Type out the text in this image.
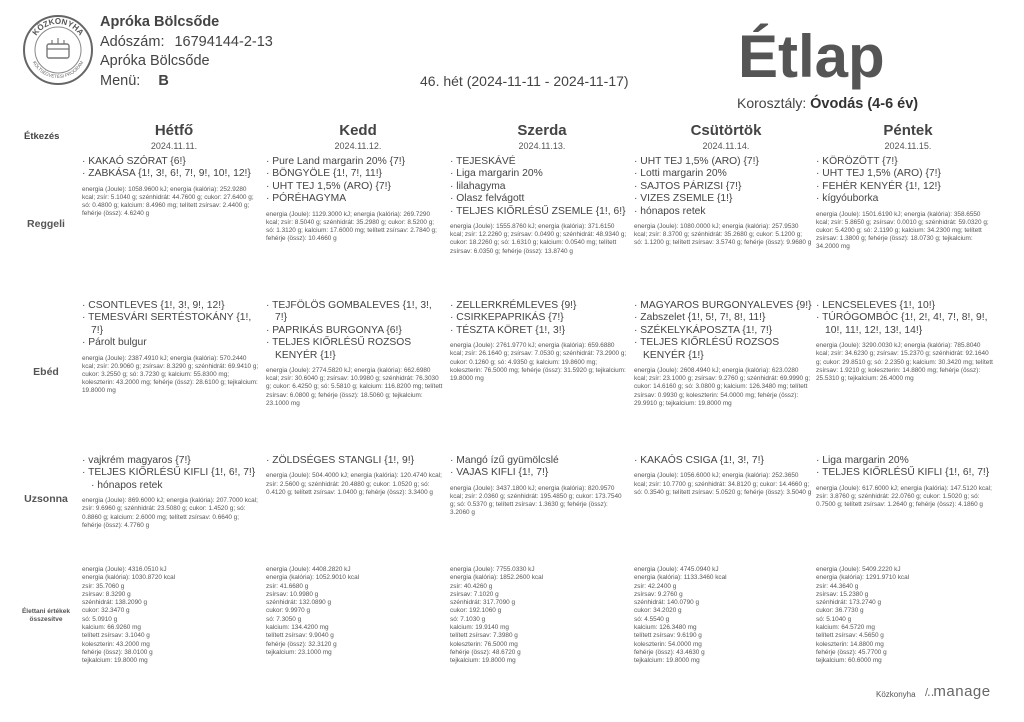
KÖZKONYHA
KÖLTSÉGVETÉSI PROGRAM
Apróka Bölcsőde
Adószám: 16794144-2-13
Apróka Bölcsőde
Menü: B	Étlap
46. hét (2024-11-11 - 2024-11-17)
Korosztály: Óvodás (4-6 év)
Étkezés	Hétfő
2024.11.11.
Kedd
2024.11.12.
Szerda
2024.11.13.
Csütörtök
2024.11.14.
Péntek
2024.11.15.
Reggeli
Ebéd
Uzsonna
Élettani értékek összesítve
· KAKAÓ SZÓRAT {6!}
· ZABKÁSA {1!, 3!, 6!, 7!, 9!, 10!, 12!}
energia (Joule): 1058.9600 kJ; energia (kalória): 252.9280 kcal; zsír: 5.1040 g; szénhidrát: 44.7600 g; cukor: 27.6400 g; só: 0.4800 g; kalcium: 8.4960 mg; telített zsírsav: 2.4400 g; fehérje (össz): 4.6240 g
· Pure Land margarin 20% {7!}
· BÖNGYÖLE {1!, 7!, 11!}
· UHT TEJ 1,5% (ARO) {7!}
· PÓRÉHAGYMA
energia (Joule): 1129.3000 kJ; energia (kalória): 269.7290 kcal; zsír: 8.5040 g; szénhidrát: 35.2980 g; cukor: 8.5200 g; só: 1.3120 g; kalcium: 17.6000 mg; telített zsírsav: 2.7840 g; fehérje (össz): 10.4660 g
· TEJESKÁVÉ
· Liga margarin 20%
· lilahagyma
· Olasz felvágott
· TELJES KIŐRLÉSŰ ZSEMLE {1!, 6!}
energia (Joule): 1555.8760 kJ; energia (kalória): 371.6150 kcal; zsír: 12.2260 g; zsírsav: 0.0490 g; szénhidrát: 48.9340 g; cukor: 18.2260 g; só: 1.6310 g; kalcium: 0.0540 mg; telített zsírsav: 6.0350 g; fehérje (össz): 13.8740 g
· UHT TEJ 1,5% (ARO) {7!}
· Lotti margarin 20%
· SAJTOS PÁRIZSI {7!}
· VIZES ZSEMLE {1!}
· hónapos retek
energia (Joule): 1080.0000 kJ; energia (kalória): 257.9530 kcal; zsír: 8.3700 g; szénhidrát: 35.2680 g; cukor: 5.1200 g; só: 1.1200 g; telített zsírsav: 3.5740 g; fehérje (össz): 9.9680 g
· KÖRÖZÖTT {7!}
· UHT TEJ 1,5% (ARO) {7!}
· FEHÉR KENYÉR {1!, 12!}
· kígyóuborka
energia (Joule): 1501.6190 kJ; energia (kalória): 358.6550 kcal; zsír: 5.8650 g; zsírsav: 0.0010 g; szénhidrát: 59.0320 g; cukor: 5.4200 g; só: 2.1190 g; kalcium: 34.2300 mg; telített zsírsav: 1.3800 g; fehérje (össz): 18.0730 g; tejkalcium: 34.2000 mg
· CSONTLEVES {1!, 3!, 9!, 12!}
· TEMESVÁRI SERTÉSTOKÁNY {1!, 7!}
· Párolt bulgur
energia (Joule): 2387.4910 kJ; energia (kalória): 570.2440 kcal; zsír: 20.9060 g; zsírsav: 8.3290 g; szénhidrát: 69.9410 g; cukor: 3.2550 g; só: 3.7230 g; kalcium: 55.8300 mg; koleszterin: 43.2000 mg; fehérje (össz): 28.6100 g; tejkalcium: 19.8000 mg
· TEJFÖLÖS GOMBALEVES {1!, 3!, 7!}
· PAPRIKÁS BURGONYA {6!}
· TELJES KIŐRLÉSŰ ROZSOS KENYÉR {1!}
energia (Joule): 2774.5820 kJ; energia (kalória): 662.6980 kcal; zsír: 30.6040 g; zsírsav: 10.9980 g; szénhidrát: 76.3030 g; cukor: 6.4250 g; só: 5.5810 g; kalcium: 116.8200 mg; telített zsírsav: 6.0800 g; fehérje (össz): 18.5060 g; tejkalcium: 23.1000 mg
· ZELLERKRÉMLEVES {9!}
· CSIRKEPAPRIKÁS {7!}
· TÉSZTA KÖRET {1!, 3!}
energia (Joule): 2761.9770 kJ; energia (kalória): 659.6880 kcal; zsír: 26.1640 g; zsírsav: 7.0530 g; szénhidrát: 73.2900 g; cukor: 0.1260 g; só: 4.9350 g; kalcium: 19.8600 mg; koleszterin: 76.5000 mg; fehérje (össz): 31.5920 g; tejkalcium: 19.8000 mg
· MAGYAROS BURGONYALEVES {9!}
· Zabszelet {1!, 5!, 7!, 8!, 11!}
· SZÉKELYKÁPOSZTA {1!, 7!}
· TELJES KIŐRLÉSŰ ROZSOS KENYÉR {1!}
energia (Joule): 2608.4940 kJ; energia (kalória): 623.0280 kcal; zsír: 23.1000 g; zsírsav: 9.2760 g; szénhidrát: 69.9990 g; cukor: 14.6160 g; só: 3.0800 g; kalcium: 126.3480 mg; telített zsírsav: 0.9930 g; koleszterin: 54.0000 mg; fehérje (össz): 29.9910 g; tejkalcium: 19.8000 mg
· LENCSELEVES {1!, 10!}
· TÚRÓGOMBÓC {1!, 2!, 4!, 7!, 8!, 9!, 10!, 11!, 12!, 13!, 14!}
energia (Joule): 3290.0030 kJ; energia (kalória): 785.8040 kcal; zsír: 34.6230 g; zsírsav: 15.2370 g; szénhidrát: 92.1640 g; cukor: 29.8510 g; só: 2.2350 g; kalcium: 30.3420 mg; telített zsírsav: 1.9210 g; koleszterin: 14.8800 mg; fehérje (össz): 25.5310 g; tejkalcium: 26.4000 mg
· vajkrém magyaros {7!}
· TELJES KIŐRLÉSŰ KIFLI {1!, 6!, 7!}
· hónapos retek
energia (Joule): 869.6000 kJ; energia (kalória): 207.7000 kcal; zsír: 9.6960 g; szénhidrát: 23.5080 g; cukor: 1.4520 g; só: 0.8860 g; kalcium: 2.6000 mg; telített zsírsav: 0.6640 g; fehérje (össz): 4.7760 g
· ZÖLDSÉGES STANGLI {1!, 9!}
energia (Joule): 504.4000 kJ; energia (kalória): 120.4740 kcal; zsír: 2.5600 g; szénhidrát: 20.4880 g; cukor: 1.0520 g; só: 0.4120 g; telített zsírsav: 1.0400 g; fehérje (össz): 3.3400 g
· Mangó ízű gyümölcslé
· VAJAS KIFLI {1!, 7!}
energia (Joule): 3437.1800 kJ; energia (kalória): 820.9570 kcal; zsír: 2.0360 g; szénhidrát: 195.4850 g; cukor: 173.7540 g; só: 0.5370 g; telített zsírsav: 1.3630 g; fehérje (össz): 3.2060 g
· KAKAÓS CSIGA {1!, 3!, 7!}
energia (Joule): 1056.6000 kJ; energia (kalória): 252.3650 kcal; zsír: 10.7700 g; szénhidrát: 34.8120 g; cukor: 14.4660 g; só: 0.3540 g; telített zsírsav: 5.0520 g; fehérje (össz): 3.5040 g
· Liga margarin 20%
· TELJES KIŐRLÉSŰ KIFLI {1!, 6!, 7!}
energia (Joule): 617.6000 kJ; energia (kalória): 147.5120 kcal; zsír: 3.8760 g; szénhidrát: 22.0760 g; cukor: 1.5020 g; só: 0.7500 g; telített zsírsav: 1.2640 g; fehérje (össz): 4.1860 g
energia (Joule): 4316.0510 kJ
energia (kalória): 1030.8720 kcal
zsír: 35.7060 g
zsírsav: 8.3290 g
szénhidrát: 138.2090 g
cukor: 32.3470 g
só: 5.0910 g
kalcium: 66.9260 mg
telített zsírsav: 3.1040 g
koleszterin: 43.2000 mg
fehérje (össz): 38.0100 g
tejkalcium: 19.8000 mg
energia (Joule): 4408.2820 kJ
energia (kalória): 1052.9010 kcal
zsír: 41.6680 g
zsírsav: 10.9980 g
szénhidrát: 132.0890 g
cukor: 9.9970 g
só: 7.3050 g
kalcium: 134.4200 mg
telített zsírsav: 9.9040 g
fehérje (össz): 32.3120 g
tejkalcium: 23.1000 mg
energia (Joule): 7755.0330 kJ
energia (kalória): 1852.2600 kcal
zsír: 40.4260 g
zsírsav: 7.1020 g
szénhidrát: 317.7090 g
cukor: 192.1060 g
só: 7.1030 g
kalcium: 19.9140 mg
telített zsírsav: 7.3980 g
koleszterin: 76.5000 mg
fehérje (össz): 48.6720 g
tejkalcium: 19.8000 mg
energia (Joule): 4745.0940 kJ
energia (kalória): 1133.3460 kcal
zsír: 42.2400 g
zsírsav: 9.2760 g
szénhidrát: 140.0790 g
cukor: 34.2020 g
só: 4.5540 g
kalcium: 126.3480 mg
telített zsírsav: 9.6190 g
koleszterin: 54.0000 mg
fehérje (össz): 43.4630 g
tejkalcium: 19.8000 mg
energia (Joule): 5409.2220 kJ
energia (kalória): 1291.9710 kcal
zsír: 44.3640 g
zsírsav: 15.2380 g
szénhidrát: 173.2740 g
cukor: 36.7730 g
só: 5.1040 g
kalcium: 64.5720 mg
telített zsírsav: 4.5650 g
koleszterin: 14.8800 mg
fehérje (össz): 45.7700 g
tejkalcium: 60.6000 mg
Közkonyha /‥manage
